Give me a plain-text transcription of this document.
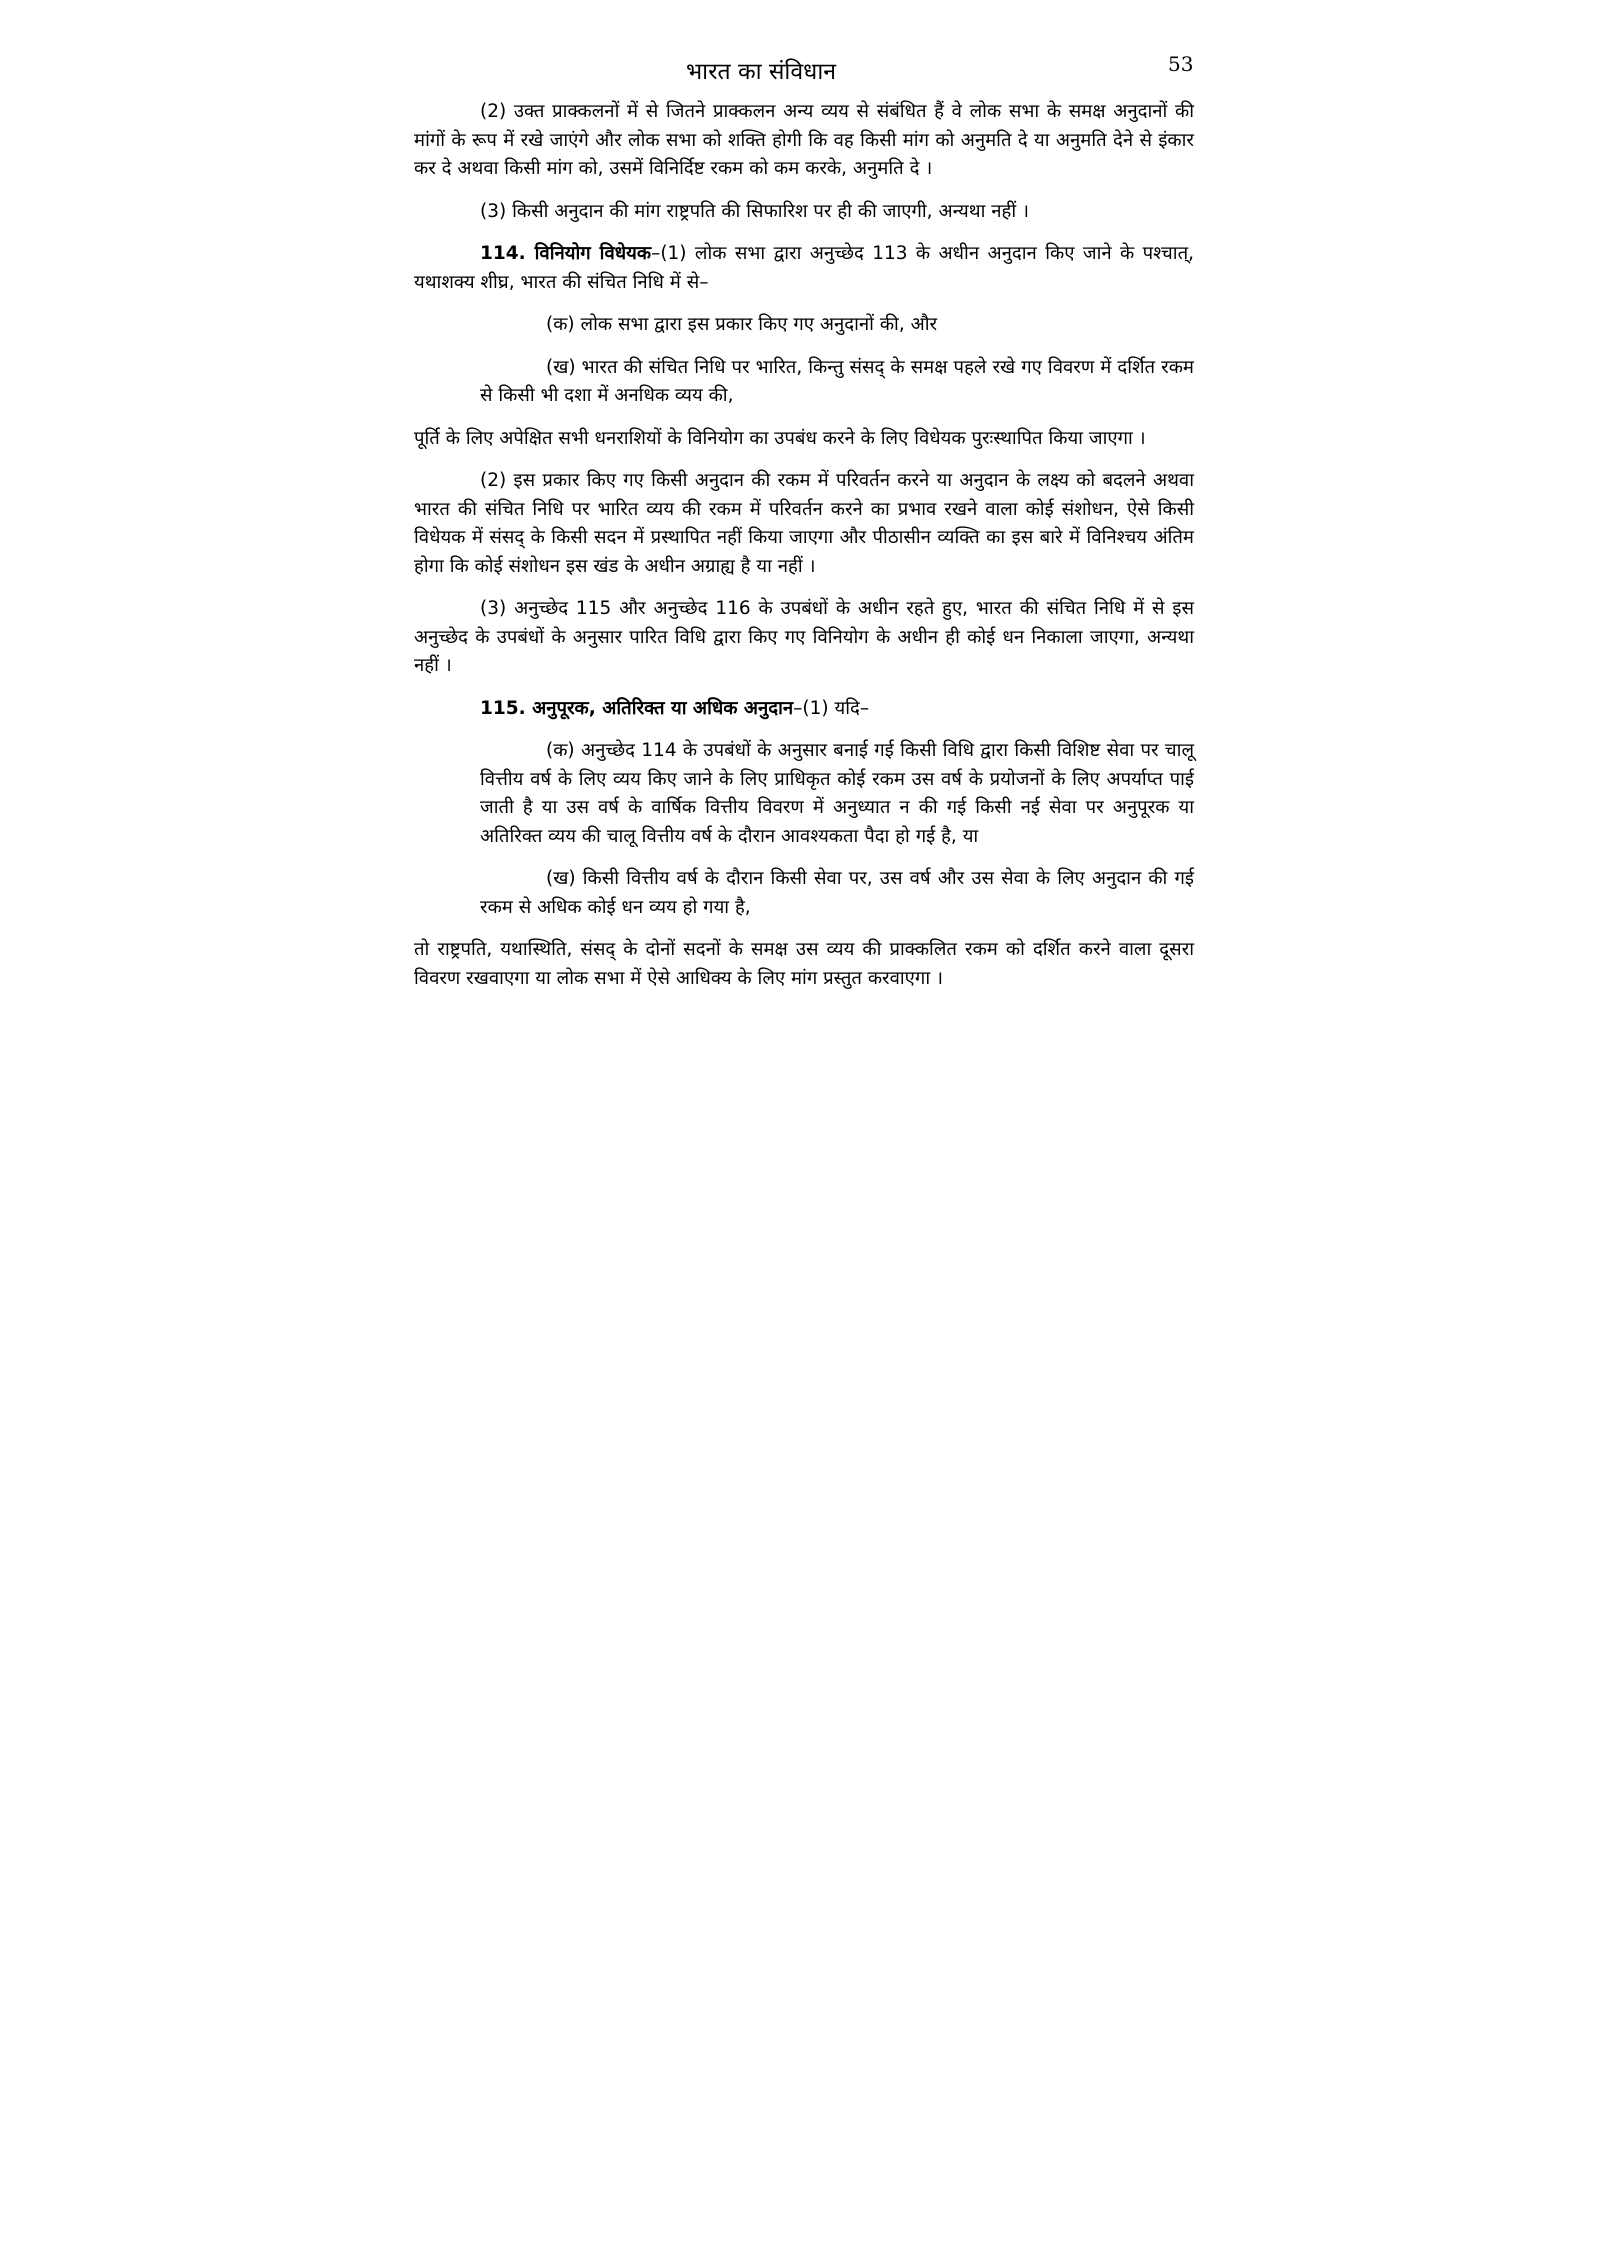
भारत का संविधान	53

(2) उक्त प्राक्कलनों में से जितने प्राक्कलन अन्य व्यय से संबंधित हैं वे लोक सभा के समक्ष अनुदानों की मांगों के रूप में रखे जाएंगे और लोक सभा को शक्ति होगी कि वह किसी मांग को अनुमति दे या अनुमति देने से इंकार कर दे अथवा किसी मांग को, उसमें विनिर्दिष्ट रकम को कम करके, अनुमति दे ।

(3) किसी अनुदान की मांग राष्ट्रपति की सिफारिश पर ही की जाएगी, अन्यथा नहीं ।

114. विनियोग विधेयक–(1) लोक सभा द्वारा अनुच्छेद 113 के अधीन अनुदान किए जाने के पश्चात्‌, यथाशक्य शीघ्र, भारत की संचित निधि में से–

(क) लोक सभा द्वारा इस प्रकार किए गए अनुदानों की, और

(ख) भारत की संचित निधि पर भारित, किन्तु संसद्‌ के समक्ष पहले रखे गए विवरण में दर्शित रकम से किसी भी दशा में अनधिक व्यय की,

पूर्ति के लिए अपेक्षित सभी धनराशियों के विनियोग का उपबंध करने के लिए विधेयक पुरःस्थापित किया जाएगा ।

(2) इस प्रकार किए गए किसी अनुदान की रकम में परिवर्तन करने या अनुदान के लक्ष्य को बदलने अथवा भारत की संचित निधि पर भारित व्यय की रकम में परिवर्तन करने का प्रभाव रखने वाला कोई संशोधन, ऐसे किसी विधेयक में संसद्‌ के किसी सदन में प्रस्थापित नहीं किया जाएगा और पीठासीन व्यक्ति का इस बारे में विनिश्चय अंतिम होगा कि कोई संशोधन इस खंड के अधीन अग्राह्य है या नहीं ।

(3) अनुच्छेद 115 और अनुच्छेद 116 के उपबंधों के अधीन रहते हुए, भारत की संचित निधि में से इस अनुच्छेद के उपबंधों के अनुसार पारित विधि द्वारा किए गए विनियोग के अधीन ही कोई धन निकाला जाएगा, अन्यथा नहीं ।

115. अनुपूरक, अतिरिक्त या अधिक अनुदान–(1) यदि–

(क) अनुच्छेद 114 के उपबंधों के अनुसार बनाई गई किसी विधि द्वारा किसी विशिष्ट सेवा पर चालू वित्तीय वर्ष के लिए व्यय किए जाने के लिए प्राधिकृत कोई रकम उस वर्ष के प्रयोजनों के लिए अपर्याप्त पाई जाती है या उस वर्ष के वार्षिक वित्तीय विवरण में अनुध्यात न की गई किसी नई सेवा पर अनुपूरक या अतिरिक्त व्यय की चालू वित्तीय वर्ष के दौरान आवश्यकता पैदा हो गई है, या

(ख) किसी वित्तीय वर्ष के दौरान किसी सेवा पर, उस वर्ष और उस सेवा के लिए अनुदान की गई रकम से अधिक कोई धन व्यय हो गया है,

तो राष्ट्रपति, यथास्थिति, संसद्‌ के दोनों सदनों के समक्ष उस व्यय की प्राक्कलित रकम को दर्शित करने वाला दूसरा विवरण रखवाएगा या लोक सभा में ऐसे आधिक्य के लिए मांग प्रस्तुत करवाएगा ।
